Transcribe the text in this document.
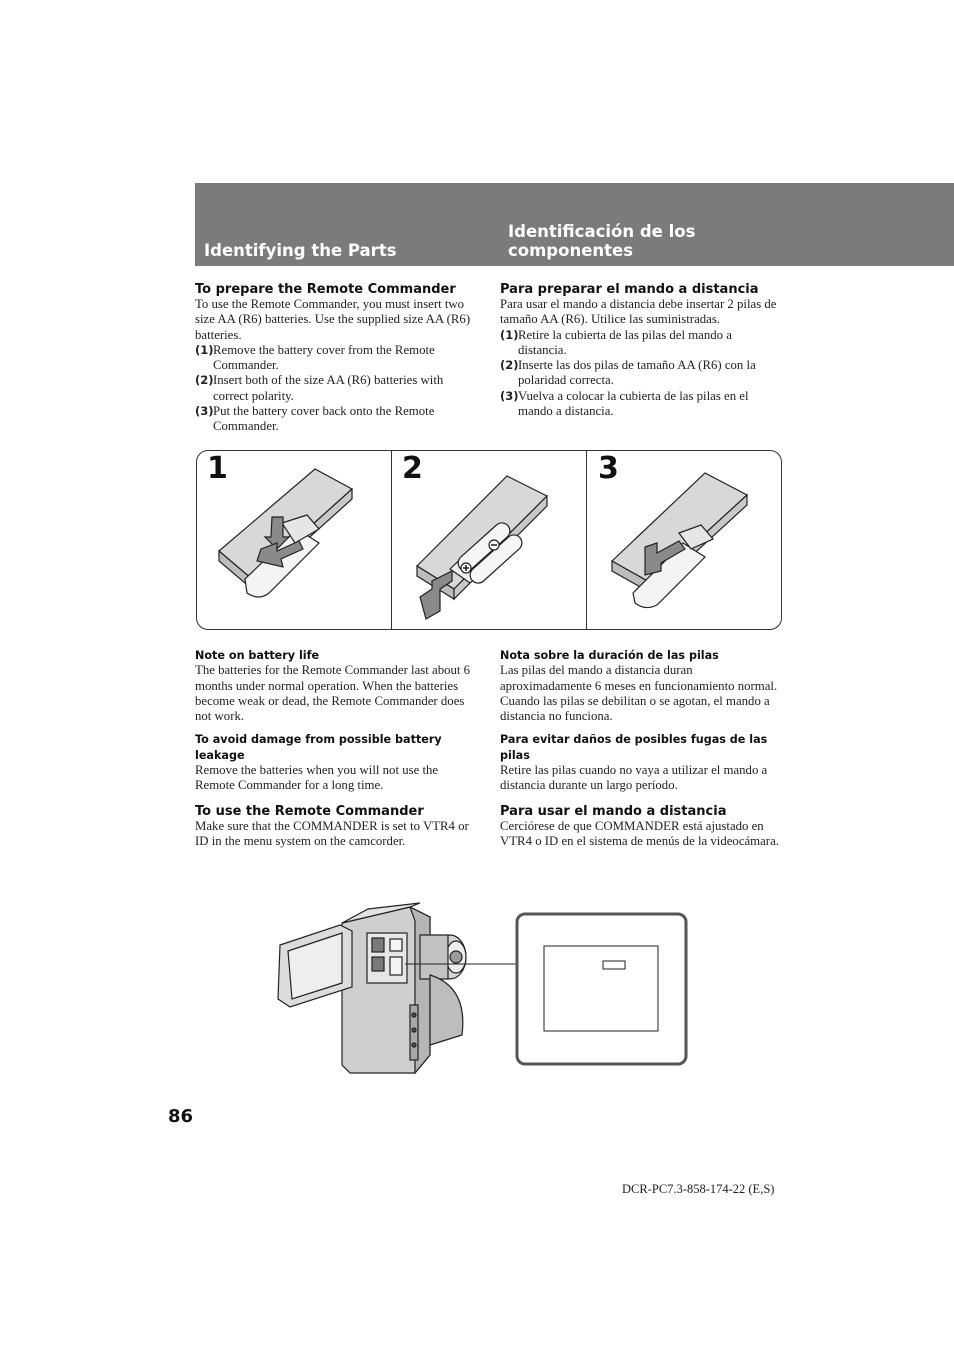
Identifying the Parts
Identificación de los componentes
To prepare the Remote Commander

To use the Remote Commander, you must insert two size AA (R6) batteries. Use the supplied size AA (R6) batteries.

(1) Remove the battery cover from the Remote Commander.
(2) Insert both of the size AA (R6) batteries with correct polarity.
(3) Put the battery cover back onto the Remote Commander.
Para preparar el mando a distancia

Para usar el mando a distancia debe insertar 2 pilas de tamaño AA (R6). Utilice las suministradas.

(1) Retire la cubierta de las pilas del mando a distancia.
(2) Inserte las dos pilas de tamaño AA (R6) con la polaridad correcta.
(3) Vuelva a colocar la cubierta de las pilas en el mando a distancia.
1	2	3
Note on battery life

The batteries for the Remote Commander last about 6 months under normal operation. When the batteries become weak or dead, the Remote Commander does not work.

To avoid damage from possible battery leakage

Remove the batteries when you will not use the Remote Commander for a long time.

To use the Remote Commander

Make sure that the COMMANDER is set to VTR4 or ID in the menu system on the camcorder.

Nota sobre la duración de las pilas

Las pilas del mando a distancia duran aproximadamente 6 meses en funcionamiento normal. Cuando las pilas se debilitan o se agotan, el mando a distancia no funciona.

Para evitar daños de posibles fugas de las pilas

Retire las pilas cuando no vaya a utilizar el mando a distancia durante un largo período.

Para usar el mando a distancia

Cerciórese de que COMMANDER está ajustado en VTR4 o ID en el sistema de menús de la videocámara.

86
DCR-PC7.3-858-174-22 (E,S)
